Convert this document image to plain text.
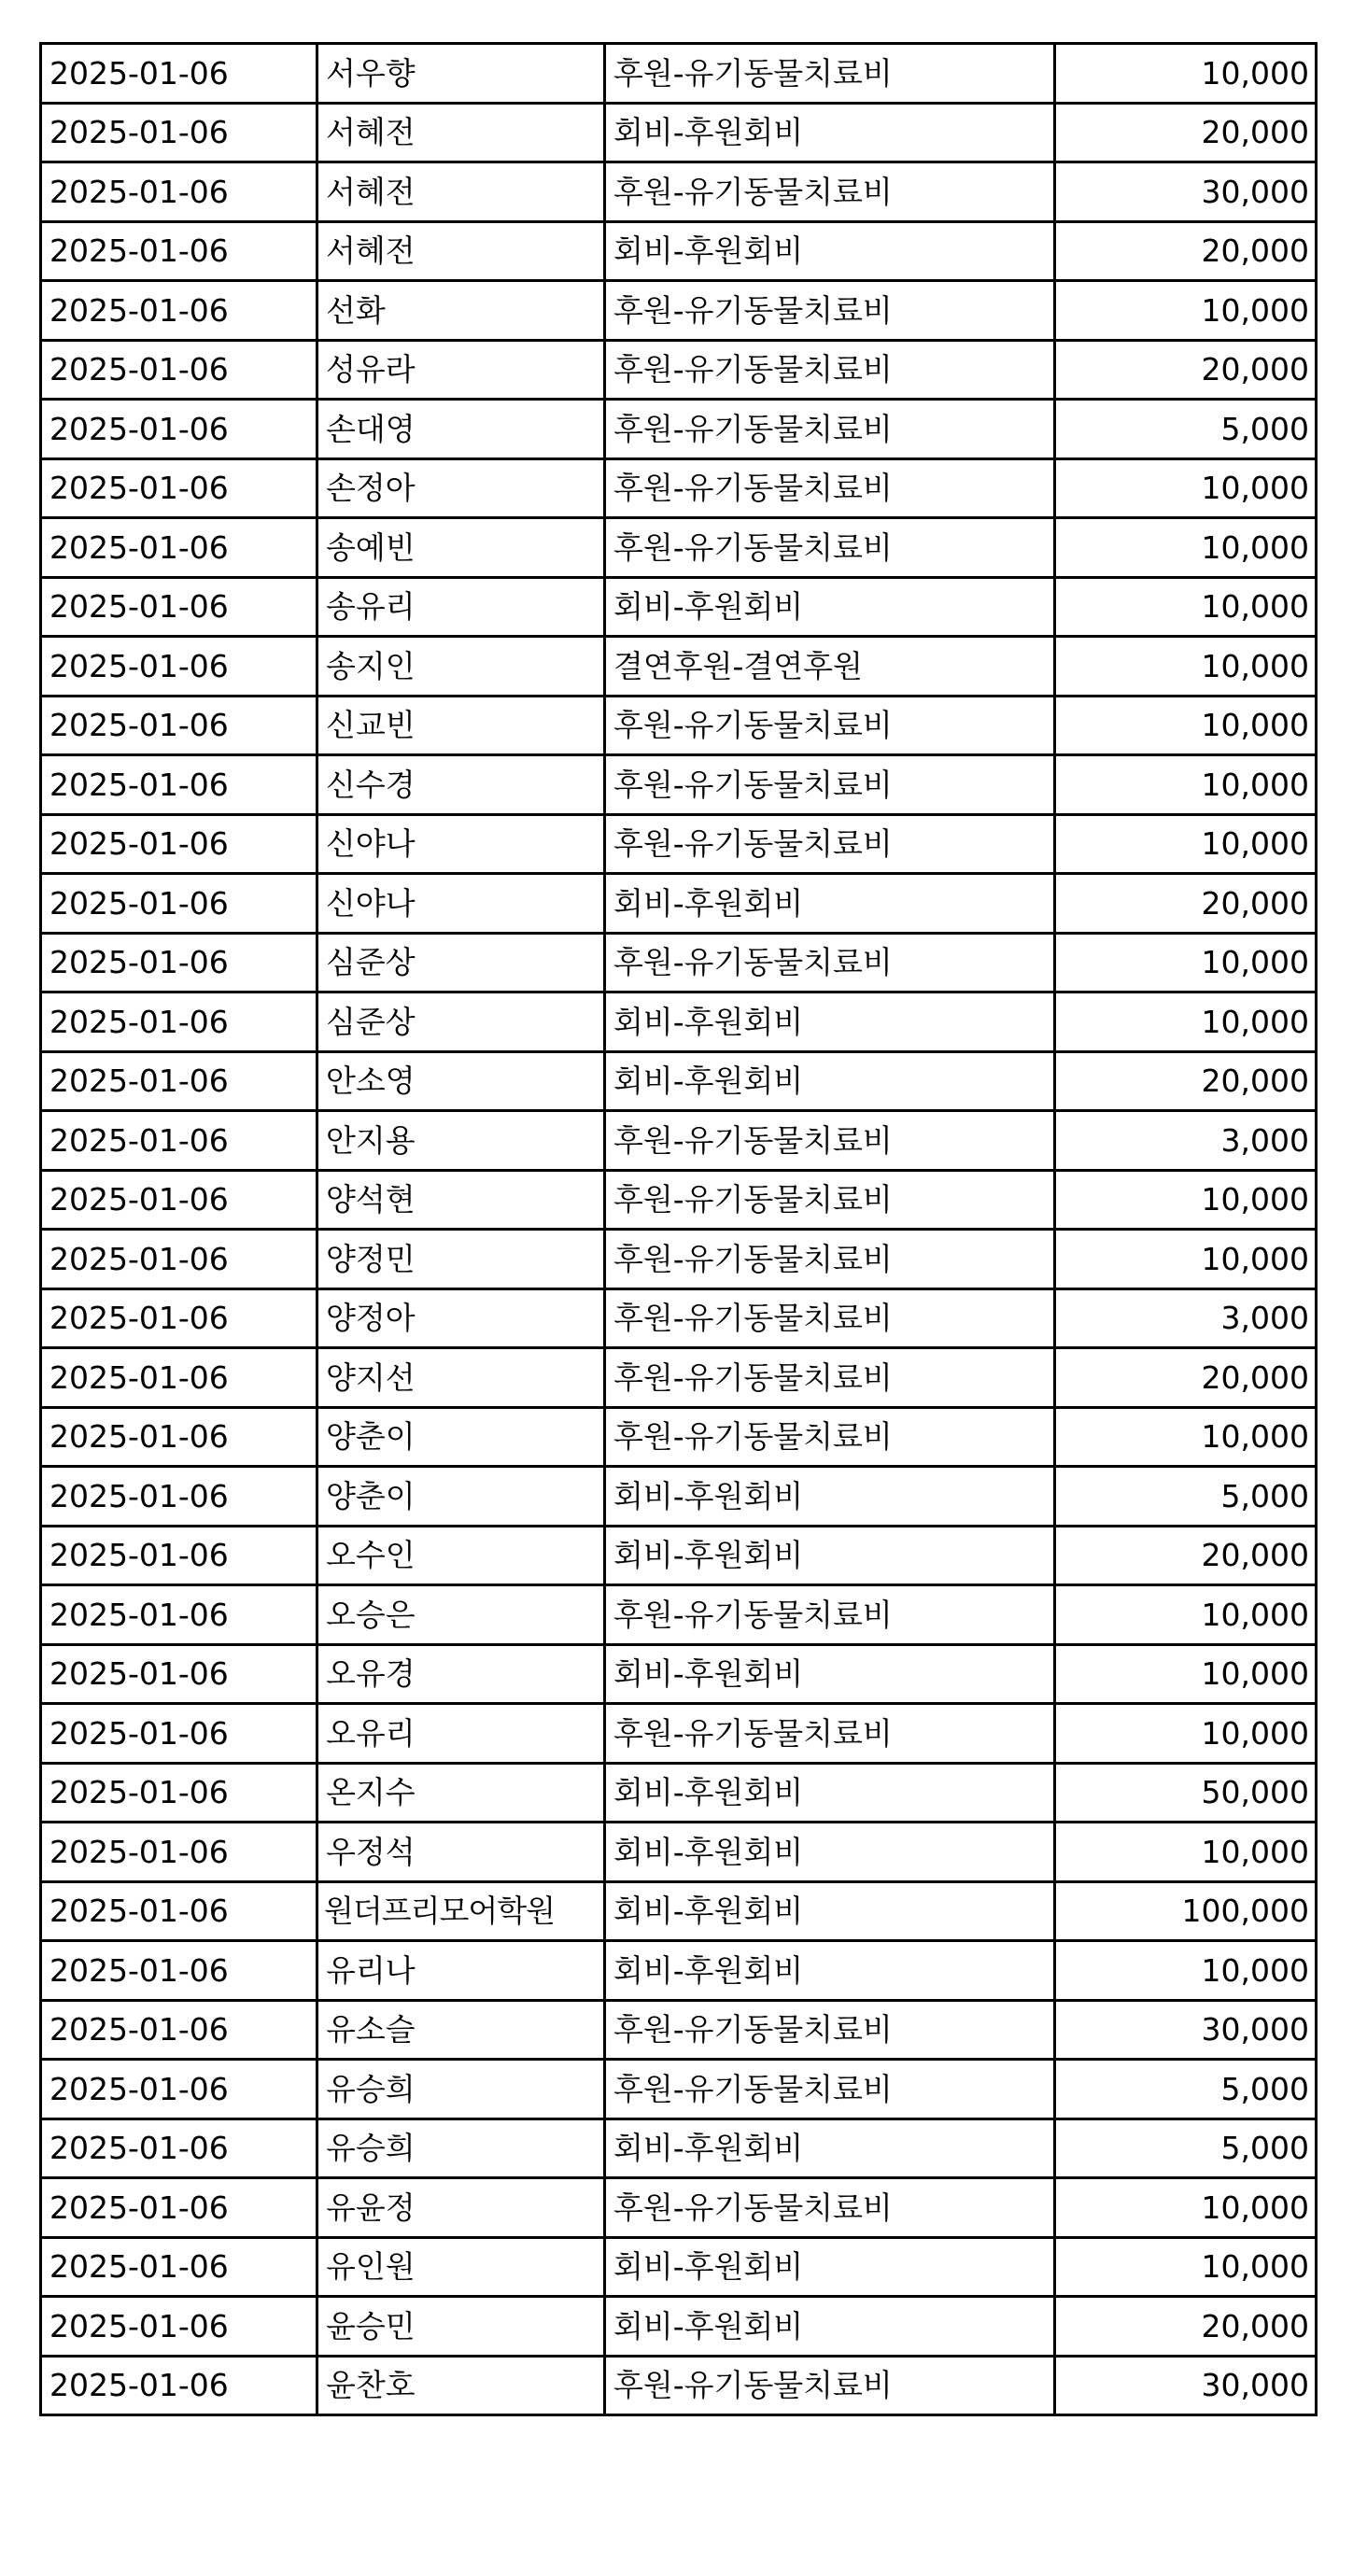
2025-01-06	서우향	후원-유기동물치료비	10,000
2025-01-06	서혜전	회비-후원회비	20,000
2025-01-06	서혜전	후원-유기동물치료비	30,000
2025-01-06	서혜전	회비-후원회비	20,000
2025-01-06	선화	후원-유기동물치료비	10,000
2025-01-06	성유라	후원-유기동물치료비	20,000
2025-01-06	손대영	후원-유기동물치료비	5,000
2025-01-06	손정아	후원-유기동물치료비	10,000
2025-01-06	송예빈	후원-유기동물치료비	10,000
2025-01-06	송유리	회비-후원회비	10,000
2025-01-06	송지인	결연후원-결연후원	10,000
2025-01-06	신교빈	후원-유기동물치료비	10,000
2025-01-06	신수경	후원-유기동물치료비	10,000
2025-01-06	신야나	후원-유기동물치료비	10,000
2025-01-06	신야나	회비-후원회비	20,000
2025-01-06	심준상	후원-유기동물치료비	10,000
2025-01-06	심준상	회비-후원회비	10,000
2025-01-06	안소영	회비-후원회비	20,000
2025-01-06	안지용	후원-유기동물치료비	3,000
2025-01-06	양석현	후원-유기동물치료비	10,000
2025-01-06	양정민	후원-유기동물치료비	10,000
2025-01-06	양정아	후원-유기동물치료비	3,000
2025-01-06	양지선	후원-유기동물치료비	20,000
2025-01-06	양춘이	후원-유기동물치료비	10,000
2025-01-06	양춘이	회비-후원회비	5,000
2025-01-06	오수인	회비-후원회비	20,000
2025-01-06	오승은	후원-유기동물치료비	10,000
2025-01-06	오유경	회비-후원회비	10,000
2025-01-06	오유리	후원-유기동물치료비	10,000
2025-01-06	온지수	회비-후원회비	50,000
2025-01-06	우정석	회비-후원회비	10,000
2025-01-06	원더프리모어학원	회비-후원회비	100,000
2025-01-06	유리나	회비-후원회비	10,000
2025-01-06	유소슬	후원-유기동물치료비	30,000
2025-01-06	유승희	후원-유기동물치료비	5,000
2025-01-06	유승희	회비-후원회비	5,000
2025-01-06	유윤정	후원-유기동물치료비	10,000
2025-01-06	유인원	회비-후원회비	10,000
2025-01-06	윤승민	회비-후원회비	20,000
2025-01-06	윤찬호	후원-유기동물치료비	30,000
